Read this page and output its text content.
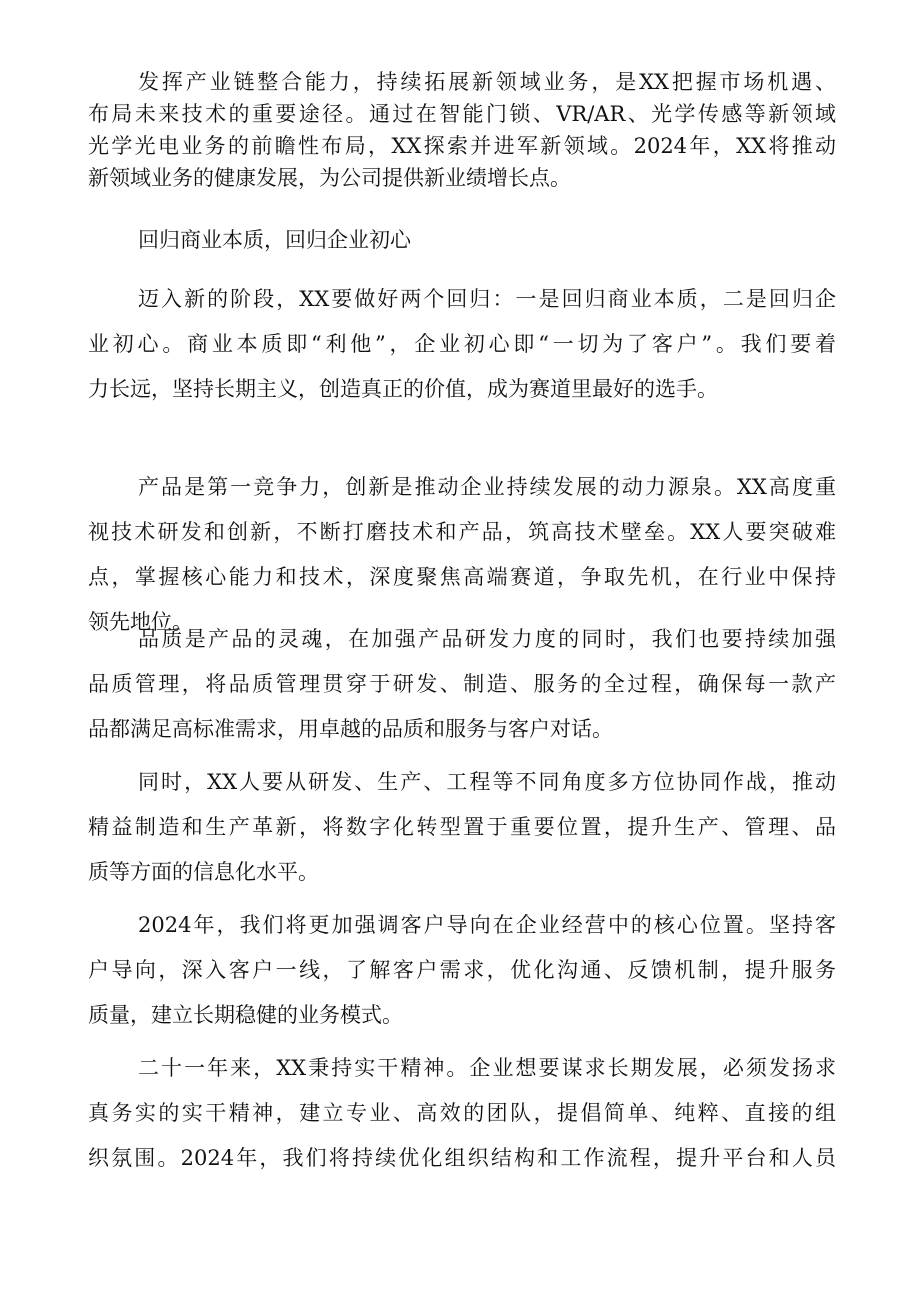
发挥产业链整合能力，持续拓展新领域业务，是XX把握市场机遇、
布局未来技术的重要途径。通过在智能门锁、VR/AR、光学传感等新领域
光学光电业务的前瞻性布局，XX探索并进军新领域。2024年，XX将推动
新领域业务的健康发展，为公司提供新业绩增长点。
回归商业本质，回归企业初心
迈入新的阶段，XX要做好两个回归：一是回归商业本质，二是回归企
业初心。商业本质即“利他”，企业初心即“一切为了客户”。我们要着
力长远，坚持长期主义，创造真正的价值，成为赛道里最好的选手。
产品是第一竞争力，创新是推动企业持续发展的动力源泉。XX高度重
视技术研发和创新，不断打磨技术和产品，筑高技术壁垒。XX人要突破难
点，掌握核心能力和技术，深度聚焦高端赛道，争取先机，在行业中保持
领先地位。
品质是产品的灵魂，在加强产品研发力度的同时，我们也要持续加强
品质管理，将品质管理贯穿于研发、制造、服务的全过程，确保每一款产
品都满足高标准需求，用卓越的品质和服务与客户对话。
同时，XX人要从研发、生产、工程等不同角度多方位协同作战，推动
精益制造和生产革新，将数字化转型置于重要位置，提升生产、管理、品
质等方面的信息化水平。
2024年，我们将更加强调客户导向在企业经营中的核心位置。坚持客
户导向，深入客户一线，了解客户需求，优化沟通、反馈机制，提升服务
质量，建立长期稳健的业务模式。
二十一年来，XX秉持实干精神。企业想要谋求长期发展，必须发扬求
真务实的实干精神，建立专业、高效的团队，提倡简单、纯粹、直接的组
织氛围。2024年，我们将持续优化组织结构和工作流程，提升平台和人员
